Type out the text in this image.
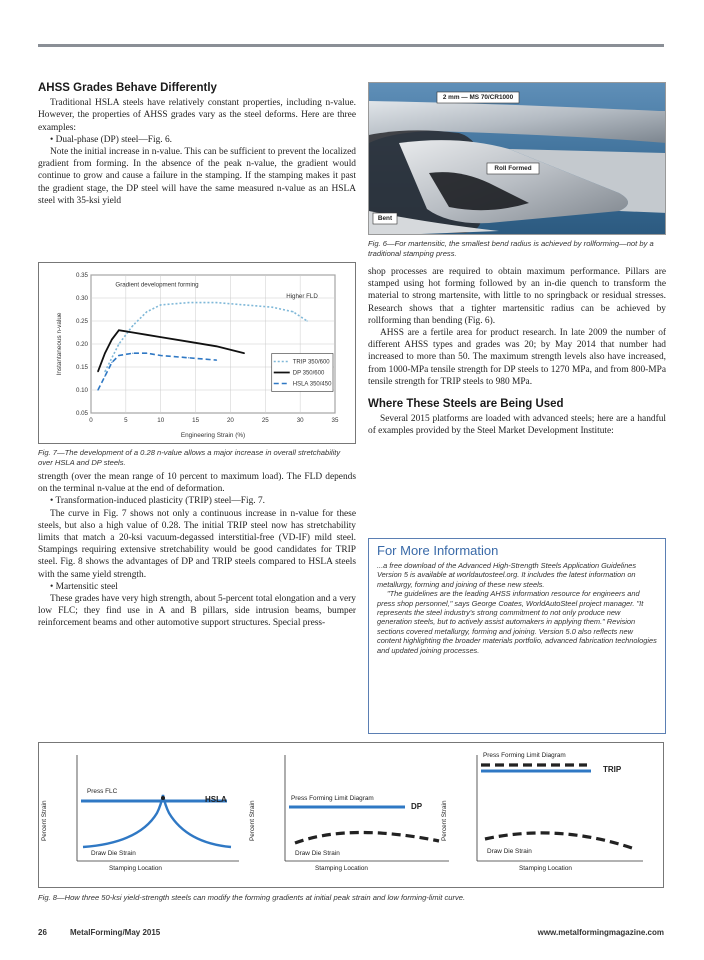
AHSS Grades Behave Differently

Traditional HSLA steels have relatively constant properties, including n-value. However, the properties of AHSS grades vary as the steel deforms. Here are three examples:

• Dual-phase (DP) steel—Fig. 6.

Note the initial increase in n-value. This can be sufficient to prevent the localized gradient from forming. In the absence of the peak n-value, the gradient would continue to grow and cause a failure in the stamping. If the stamping makes it past the gradient stage, the DP steel will have the same measured n-value as an HSLA steel with 35-ksi yield

0	5	10	15	20	25	30	35
0.05
0.10
0.15
0.20
0.25
0.30
0.35
Engineering Strain (%)
Instantaneous n-value
Gradient development forming
Higher FLD
TRIP 350/600
DP 350/600
HSLA 350/450
Fig. 7—The development of a 0.28 n-value allows a major increase in overall stretchability over HSLA and DP steels.

strength (over the mean range of 10 percent to maximum load). The FLD depends on the terminal n-value at the end of deformation.

• Transformation-induced plasticity (TRIP) steel—Fig. 7.

The curve in Fig. 7 shows not only a continuous increase in n-value for these steels, but also a high value of 0.28. The initial TRIP steel now has stretchability limits that match a 20-ksi vacuum-degassed interstitial-free (VD-IF) mild steel. Stampings requiring extensive stretchability would be good candidates for TRIP steel. Fig. 8 shows the advantages of DP and TRIP steels compared to HSLA steels with the same yield strength.

• Martensitic steel

These grades have very high strength, about 5-percent total elongation and a very low FLC; they find use in A and B pillars, side intrusion beams, bumper reinforcement beams and other automotive support structures. Special press-

2 mm — MS 70/CR1000
Roll Formed
Bent
Fig. 6—For martensitic, the smallest bend radius is achieved by rollforming—not by a traditional stamping press.

shop processes are required to obtain maximum performance. Pillars are stamped using hot forming followed by an in-die quench to transform the material to strong martensite, with little to no springback or residual stresses. Research shows that a tighter martensitic radius can be achieved by rollforming than bending (Fig. 6).

AHSS are a fertile area for product research. In late 2009 the number of different AHSS types and grades was 20; by May 2014 that number had increased to more than 50. The maximum strength levels also have increased, from 1000-MPa tensile strength for DP steels to 1270 MPa, and from 800-MPa tensile strength for TRIP steels to 980 MPa.

Where These Steels are Being Used

Several 2015 platforms are loaded with advanced steels; here are a handful of examples provided by the Steel Market Development Institute:

For More Information

...a free download of the Advanced High-Strength Steels Application Guidelines Version 5 is available at worldautosteel.org. It includes the latest information on metallurgy, forming and joining of these new steels.

"The guidelines are the leading AHSS information resource for engineers and press shop personnel," says George Coates, WorldAutoSteel project manager. "It represents the steel industry's strong commitment to not only produce new generation steels, but to actively assist automakers in applying them." Revision sections covered metallurgy, forming and joining. Version 5.0 also reflects new content highlighting the broader materials portfolio, advanced fabrication technologies and updated joining processes.

Percent Strain
Press FLC
HSLA
Draw Die Strain
Stamping Location
Percent Strain
Press Forming Limit Diagram
DP
Draw Die Strain
Stamping Location
Percent Strain
Press Forming Limit Diagram
TRIP
Draw Die Strain
Stamping Location
Fig. 8—How three 50-ksi yield-strength steels can modify the forming gradients at initial peak strain and low forming-limit curve.
26	MetalForming/May 2015	www.metalformingmagazine.com
